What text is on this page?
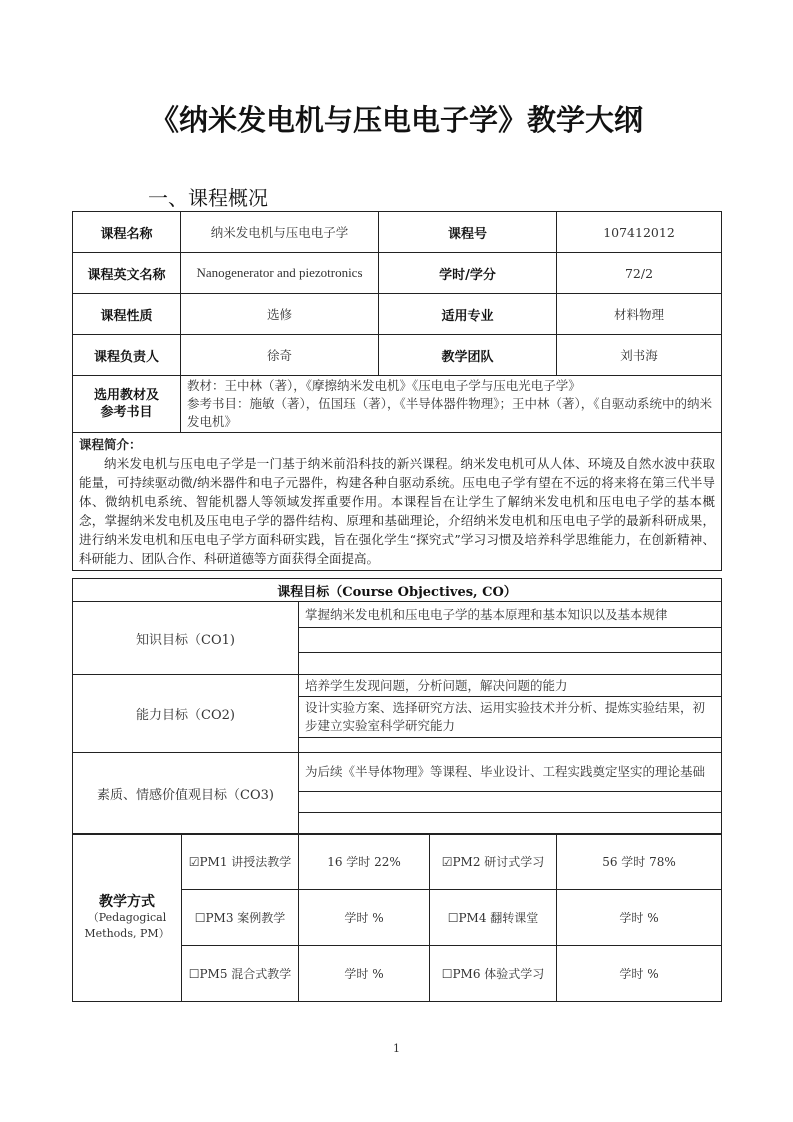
《纳米发电机与压电电子学》教学大纲
一、课程概况
课程名称	纳米发电机与压电电子学	课程号	107412012
课程英文名称	Nanogenerator and piezotronics	学时/学分	72/2
课程性质	选修	适用专业	材料物理
课程负责人	徐奇	教学团队	刘书海

选用教材及
参考书目

教材：王中林（著），《摩擦纳米发电机》《压电电子学与压电光电子学》
参考书目：施敏（著），伍国珏（著），《半导体器件物理》；王中林（著），《自驱动系统中的纳米发电机》

课程简介：
纳米发电机与压电电子学是一门基于纳米前沿科技的新兴课程。纳米发电机可从人体、环境及自然水波中获取能量，可持续驱动微/纳米器件和电子元器件，构建各种自驱动系统。压电电子学有望在不远的将来将在第三代半导体、微纳机电系统、智能机器人等领域发挥重要作用。本课程旨在让学生了解纳米发电机和压电电子学的基本概念，掌握纳米发电机及压电电子学的器件结构、原理和基础理论，介绍纳米发电机和压电电子学的最新科研成果，进行纳米发电机和压电电子学方面科研实践，旨在强化学生“探究式”学习习惯及培养科学思维能力，在创新精神、科研能力、团队合作、科研道德等方面获得全面提高。			
课程目标（Course Objectives, CO）	
知识目标（CO1)	掌握纳米发电机和压电电子学的基本原理和基本知识以及基本规律

能力目标（CO2)	培养学生发现问题，分析问题，解决问题的能力
	设计实验方案、选择研究方法、运用实验技术并分析、提炼实验结果，初步建立实验室科学研究能力

素质、情感价值观目标（CO3)	为后续《半导体物理》等课程、毕业设计、工程实践奠定坚实的理论基础

教学方式
（Pedagogical Methods, PM）	☑PM1 讲授法教学	16 学时 22%	☑PM2 研讨式学习	56 学时 78%
	☐PM3 案例教学	学时 %	☐PM4 翻转课堂	学时 %
	☐PM5 混合式教学	学时 %	☐PM6 体验式学习	学时 %
1
